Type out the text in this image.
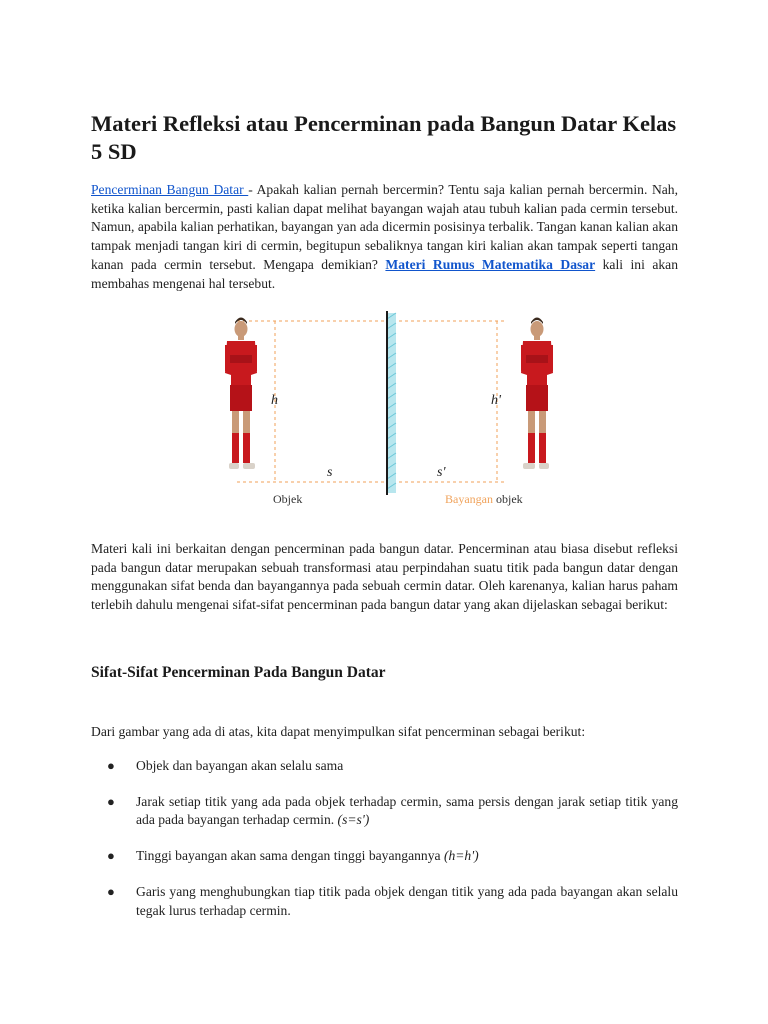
Materi Refleksi atau Pencerminan pada Bangun Datar Kelas 5 SD
Pencerminan Bangun Datar - Apakah kalian pernah bercermin? Tentu saja kalian pernah bercermin. Nah, ketika kalian bercermin, pasti kalian dapat melihat bayangan wajah atau tubuh kalian pada cermin tersebut. Namun, apabila kalian perhatikan, bayangan yan ada dicermin posisinya terbalik. Tangan kanan kalian akan tampak menjadi tangan kiri di cermin, begitupun sebaliknya tangan kiri kalian akan tampak seperti tangan kanan pada cermin tersebut. Mengapa demikian? Materi Rumus Matematika Dasar kali ini akan membahas mengenai hal tersebut.
h	h'
s	s'
Objek	Bayangan objek
Materi kali ini berkaitan dengan pencerminan pada bangun datar. Pencerminan atau biasa disebut refleksi pada bangun datar merupakan sebuah transformasi atau perpindahan suatu titik pada bangun datar dengan menggunakan sifat benda dan bayangannya pada sebuah cermin datar. Oleh karenanya, kalian harus paham terlebih dahulu mengenai sifat-sifat pencerminan pada bangun datar yang akan dijelaskan sebagai berikut:
Sifat-Sifat Pencerminan Pada Bangun Datar
Dari gambar yang ada di atas, kita dapat menyimpulkan sifat pencerminan sebagai berikut:
● Objek dan bayangan akan selalu sama
● Jarak setiap titik yang ada pada objek terhadap cermin, sama persis dengan jarak setiap titik yang ada pada bayangan terhadap cermin. (s=s')
● Tinggi bayangan akan sama dengan tinggi bayangannya (h=h')
● Garis yang menghubungkan tiap titik pada objek dengan titik yang ada pada bayangan akan selalu tegak lurus terhadap cermin.
